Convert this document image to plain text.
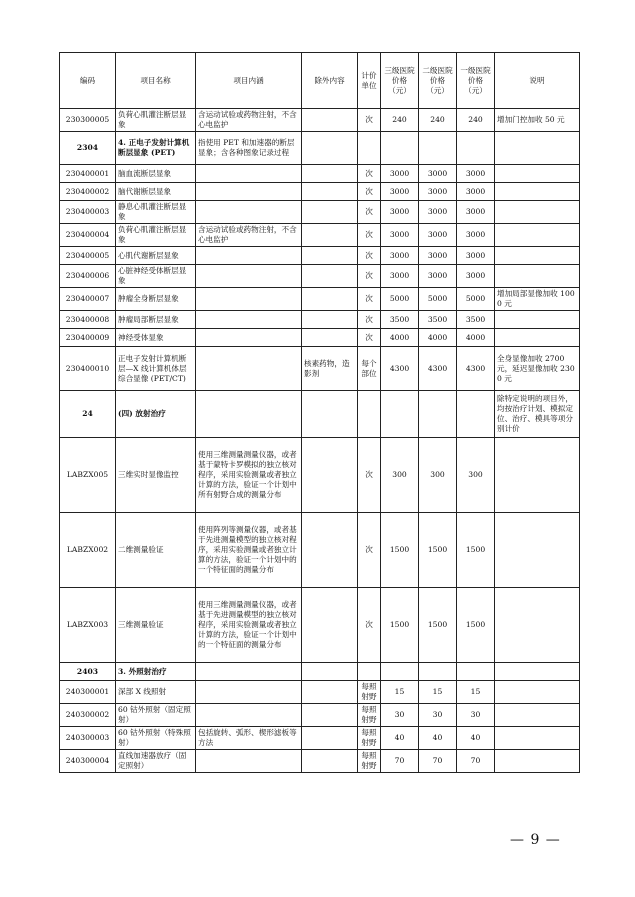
编码	项目名称	项目内涵	除外内容	计价单位	三级医院价格（元）	二级医院价格（元）	一级医院价格（元）	说明
230300005	负荷心肌灌注断层显象	含运动试验或药物注射，不含心电监护		次	240	240	240	增加门控加收 50 元
2304	4. 正电子发射计算机断层显象 (PET)	指使用 PET 和加速器的断层显象；含各种图象记录过程						
230400001	脑血流断层显象			次	3000	3000	3000	
230400002	脑代谢断层显象			次	3000	3000	3000	
230400003	静息心肌灌注断层显象			次	3000	3000	3000	
230400004	负荷心肌灌注断层显象	含运动试验或药物注射，不含心电监护		次	3000	3000	3000	
230400005	心肌代谢断层显象			次	3000	3000	3000	
230400006	心脏神经受体断层显象			次	3000	3000	3000	
230400007	肿瘤全身断层显象			次	5000	5000	5000	增加局部显像加收 1000 元
230400008	肿瘤局部断层显象			次	3500	3500	3500	
230400009	神经受体显象			次	4000	4000	4000	
230400010	正电子发射计算机断层—X 线计算机体层综合显像 (PET/CT)		核素药物，造影剂	每个部位	4300	4300	4300	全身显像加收 2700 元，延迟显像加收 2300 元
24	(四) 放射治疗							除特定说明的项目外，均按治疗计划、模拟定位、治疗、模具等项分别计价
LABZX005	三维实时显像监控	使用三维测量测量仪器，或者基于蒙特卡罗模拟的独立核对程序，采用实验测量或者独立计算的方法，验证一个计划中所有射野合成的测量分布		次	300	300	300	
LABZX002	二维测量验证	使用阵列等测量仪器，或者基于先进测量模型的独立核对程序，采用实验测量或者独立计算的方法，验证一个计划中的一个特征面的测量分布		次	1500	1500	1500	
LABZX003	三维测量验证	使用三维测量测量仪器，或者基于先进测量模型的独立核对程序，采用实验测量或者独立计算的方法，验证一个计划中的一个特征面的测量分布		次	1500	1500	1500	
2403	3. 外照射治疗							
240300001	深部 X 线照射			每照射野	15	15	15	
240300002	60 钴外照射（固定照射）			每照射野	30	30	30	
240300003	60 钴外照射（特殊照射）	包括旋转、弧形、楔形滤板等方法		每照射野	40	40	40	
240300004	直线加速器放疗（固定照射）			每照射野	70	70	70	
— 9 —
